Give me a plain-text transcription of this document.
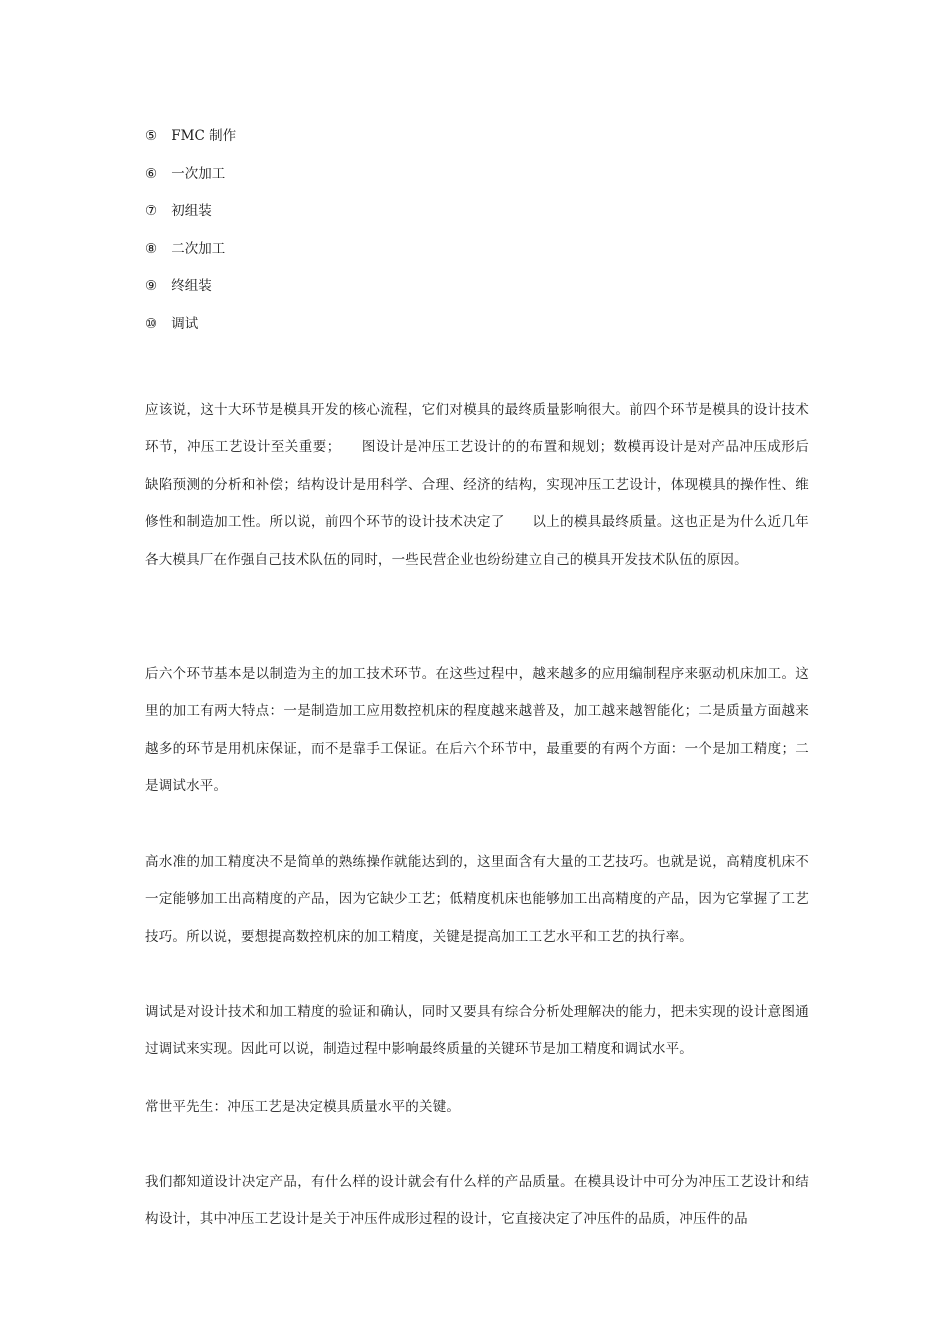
⑤ FMC 制作
⑥ 一次加工
⑦ 初组装
⑧ 二次加工
⑨ 终组装
⑩ 调试

应该说，这十大环节是模具开发的核心流程，它们对模具的最终质量影响很大。前四个环节是模具的设计技术环节，冲压工艺设计至关重要；　　图设计是冲压工艺设计的的布置和规划；数模再设计是对产品冲压成形后缺陷预测的分析和补偿；结构设计是用科学、合理、经济的结构，实现冲压工艺设计，体现模具的操作性、维修性和制造加工性。所以说，前四个环节的设计技术决定了　　以上的模具最终质量。这也正是为什么近几年各大模具厂在作强自己技术队伍的同时，一些民营企业也纷纷建立自己的模具开发技术队伍的原因。

后六个环节基本是以制造为主的加工技术环节。在这些过程中，越来越多的应用编制程序来驱动机床加工。这里的加工有两大特点：一是制造加工应用数控机床的程度越来越普及，加工越来越智能化；二是质量方面越来越多的环节是用机床保证，而不是靠手工保证。在后六个环节中，最重要的有两个方面：一个是加工精度；二是调试水平。

高水准的加工精度决不是简单的熟练操作就能达到的，这里面含有大量的工艺技巧。也就是说，高精度机床不一定能够加工出高精度的产品，因为它缺少工艺；低精度机床也能够加工出高精度的产品，因为它掌握了工艺技巧。所以说，要想提高数控机床的加工精度，关键是提高加工工艺水平和工艺的执行率。

调试是对设计技术和加工精度的验证和确认，同时又要具有综合分析处理解决的能力，把未实现的设计意图通过调试来实现。因此可以说，制造过程中影响最终质量的关键环节是加工精度和调试水平。

常世平先生：冲压工艺是决定模具质量水平的关键。

我们都知道设计决定产品，有什么样的设计就会有什么样的产品质量。在模具设计中可分为冲压工艺设计和结构设计，其中冲压工艺设计是关于冲压件成形过程的设计，它直接决定了冲压件的品质，冲压件的品
